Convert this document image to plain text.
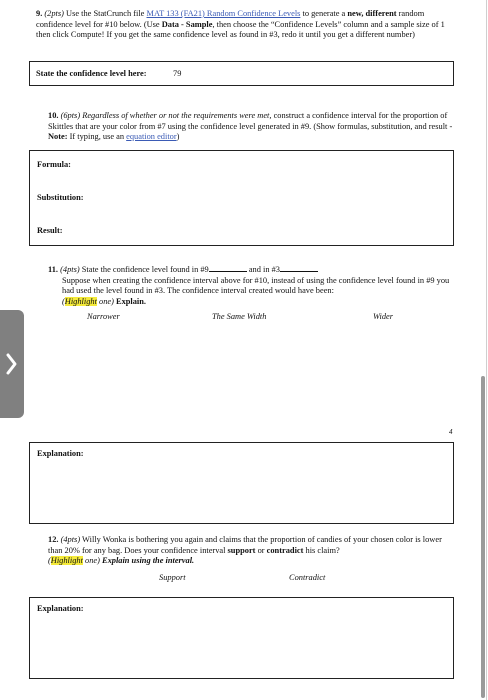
9. (2pts) Use the StatCrunch file MAT 133 (FA21) Random Confidence Levels to generate a new, different random confidence level for #10 below. (Use Data - Sample, then choose the “Confidence Levels” column and a sample size of 1 then click Compute! If you get the same confidence level as found in #3, redo it until you get a different number)
State the confidence level here:	79
10. (6pts) Regardless of whether or not the requirements were met, construct a confidence interval for the proportion of Skittles that are your color from #7 using the confidence level generated in #9. (Show formulas, substitution, and result - Note: If typing, use an equation editor)
Formula:
Substitution:
Result:
11. (4pts) State the confidence level found in #9	and in #3
Suppose when creating the confidence interval above for #10, instead of using the confidence level found in #9 you had used the level found in #3. The confidence interval created would have been:
(Highlight one) Explain.
Narrower	The Same Width	Wider
4
Explanation:
12. (4pts) Willy Wonka is bothering you again and claims that the proportion of candies of your chosen color is lower than 20% for any bag. Does your confidence interval support or contradict his claim?
(Highlight one) Explain using the interval.
Support	Contradict
Explanation:
